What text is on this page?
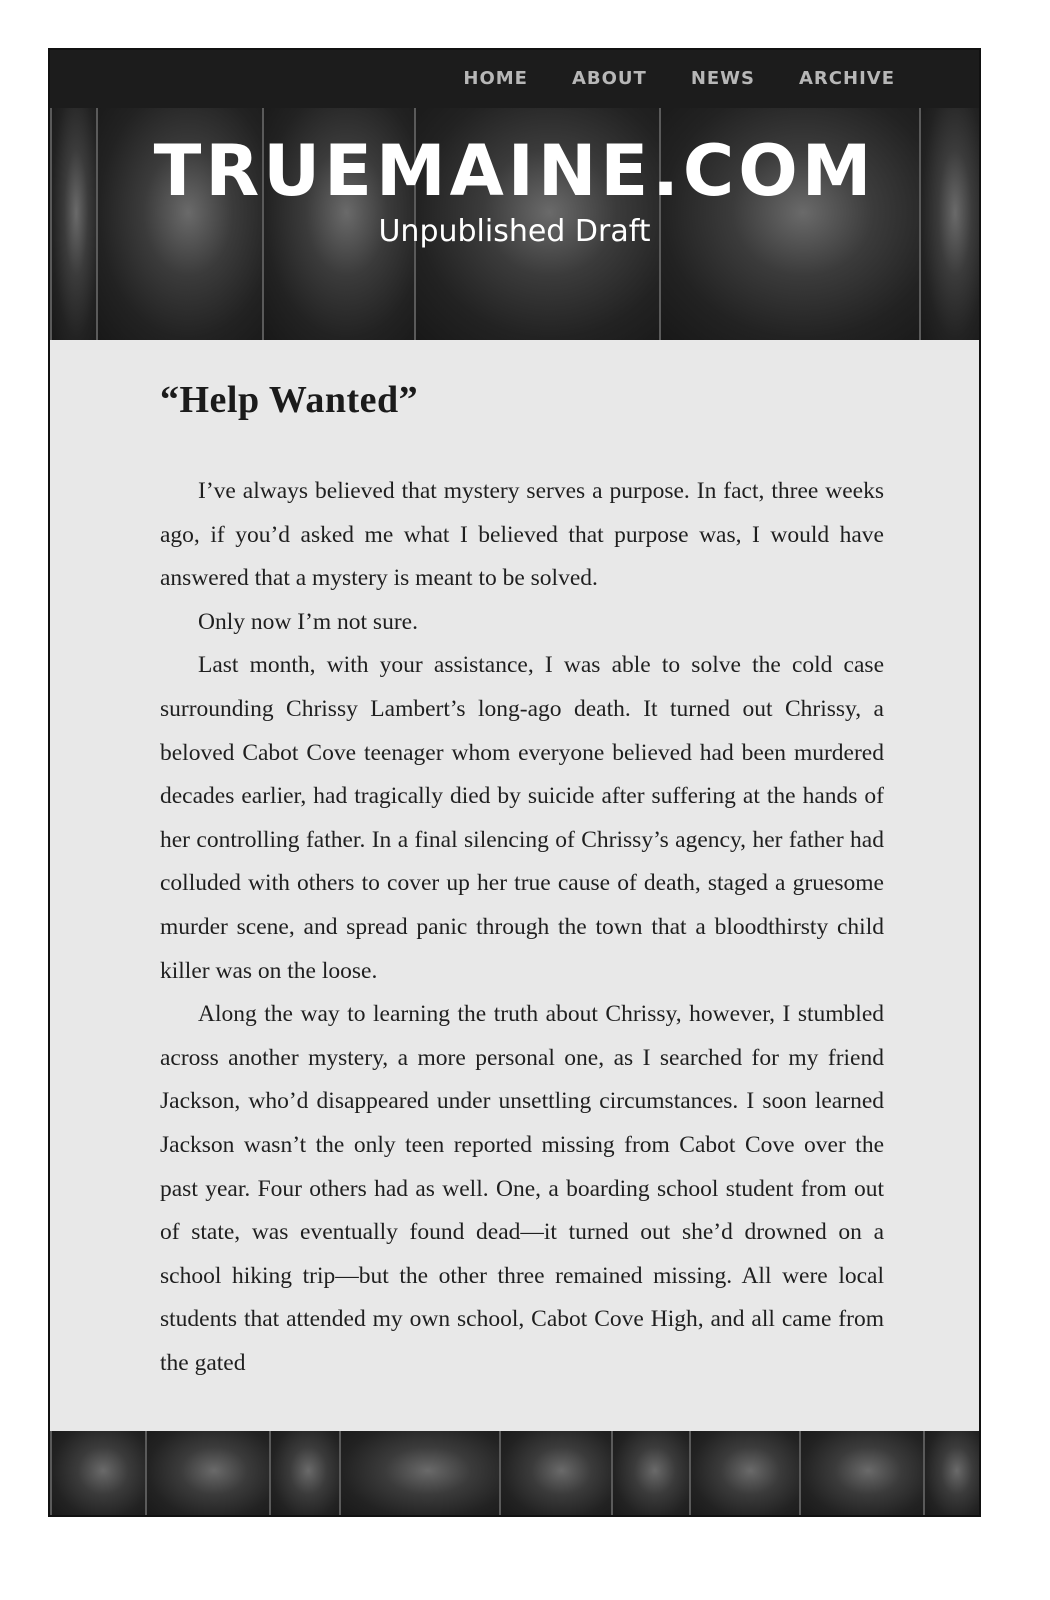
HOME ABOUT NEWS ARCHIVE
TRUEMAINE.COM
Unpublished Draft
“Help Wanted”

I’ve always believed that mystery serves a purpose. In fact, three weeks ago, if you’d asked me what I believed that purpose was, I would have answered that a mystery is meant to be solved.

Only now I’m not sure.

Last month, with your assistance, I was able to solve the cold case surrounding Chrissy Lambert’s long-ago death. It turned out Chrissy, a beloved Cabot Cove teenager whom everyone believed had been murdered decades earlier, had tragically died by suicide after suffering at the hands of her controlling father. In a final silencing of Chrissy’s agency, her father had colluded with others to cover up her true cause of death, staged a gruesome murder scene, and spread panic through the town that a bloodthirsty child killer was on the loose.

Along the way to learning the truth about Chrissy, however, I stumbled across another mystery, a more personal one, as I searched for my friend Jackson, who’d disappeared under unsettling circumstances. I soon learned Jackson wasn’t the only teen reported missing from Cabot Cove over the past year. Four others had as well. One, a boarding school student from out of state, was eventually found dead—it turned out she’d drowned on a school hiking trip—but the other three remained missing. All were local students that attended my own school, Cabot Cove High, and all came from the gated
